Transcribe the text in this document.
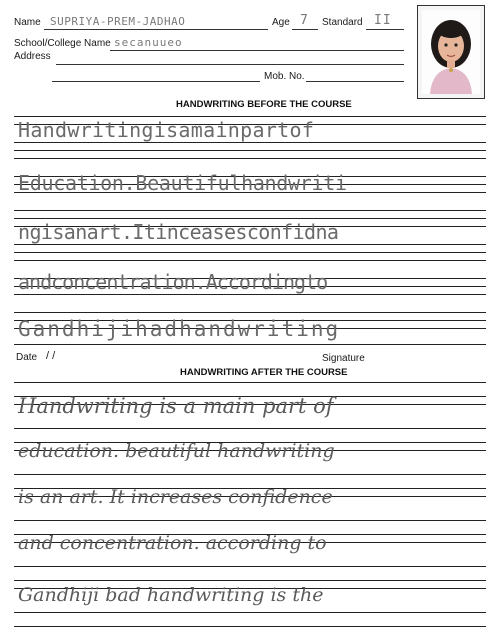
Name SUPRIYA-PREM-JADHAO	Age 7 Standard II
School/College Name secanuueo
Address
Mob. No.
HANDWRITING BEFORE THE COURSE
Handwritingisamainpartof
Education.Beautifulhandwriti
ngisanart.Itinceasesconfidna
andconcentration.Accordingto
Gandhijihadhandwriting
Date / /	Signature
HANDWRITING AFTER THE COURSE
Handwriting is a main part of
education. beautiful handwriting
is an art. It increases confidence
and concentration. according to
Gandhiji bad handwriting is the
